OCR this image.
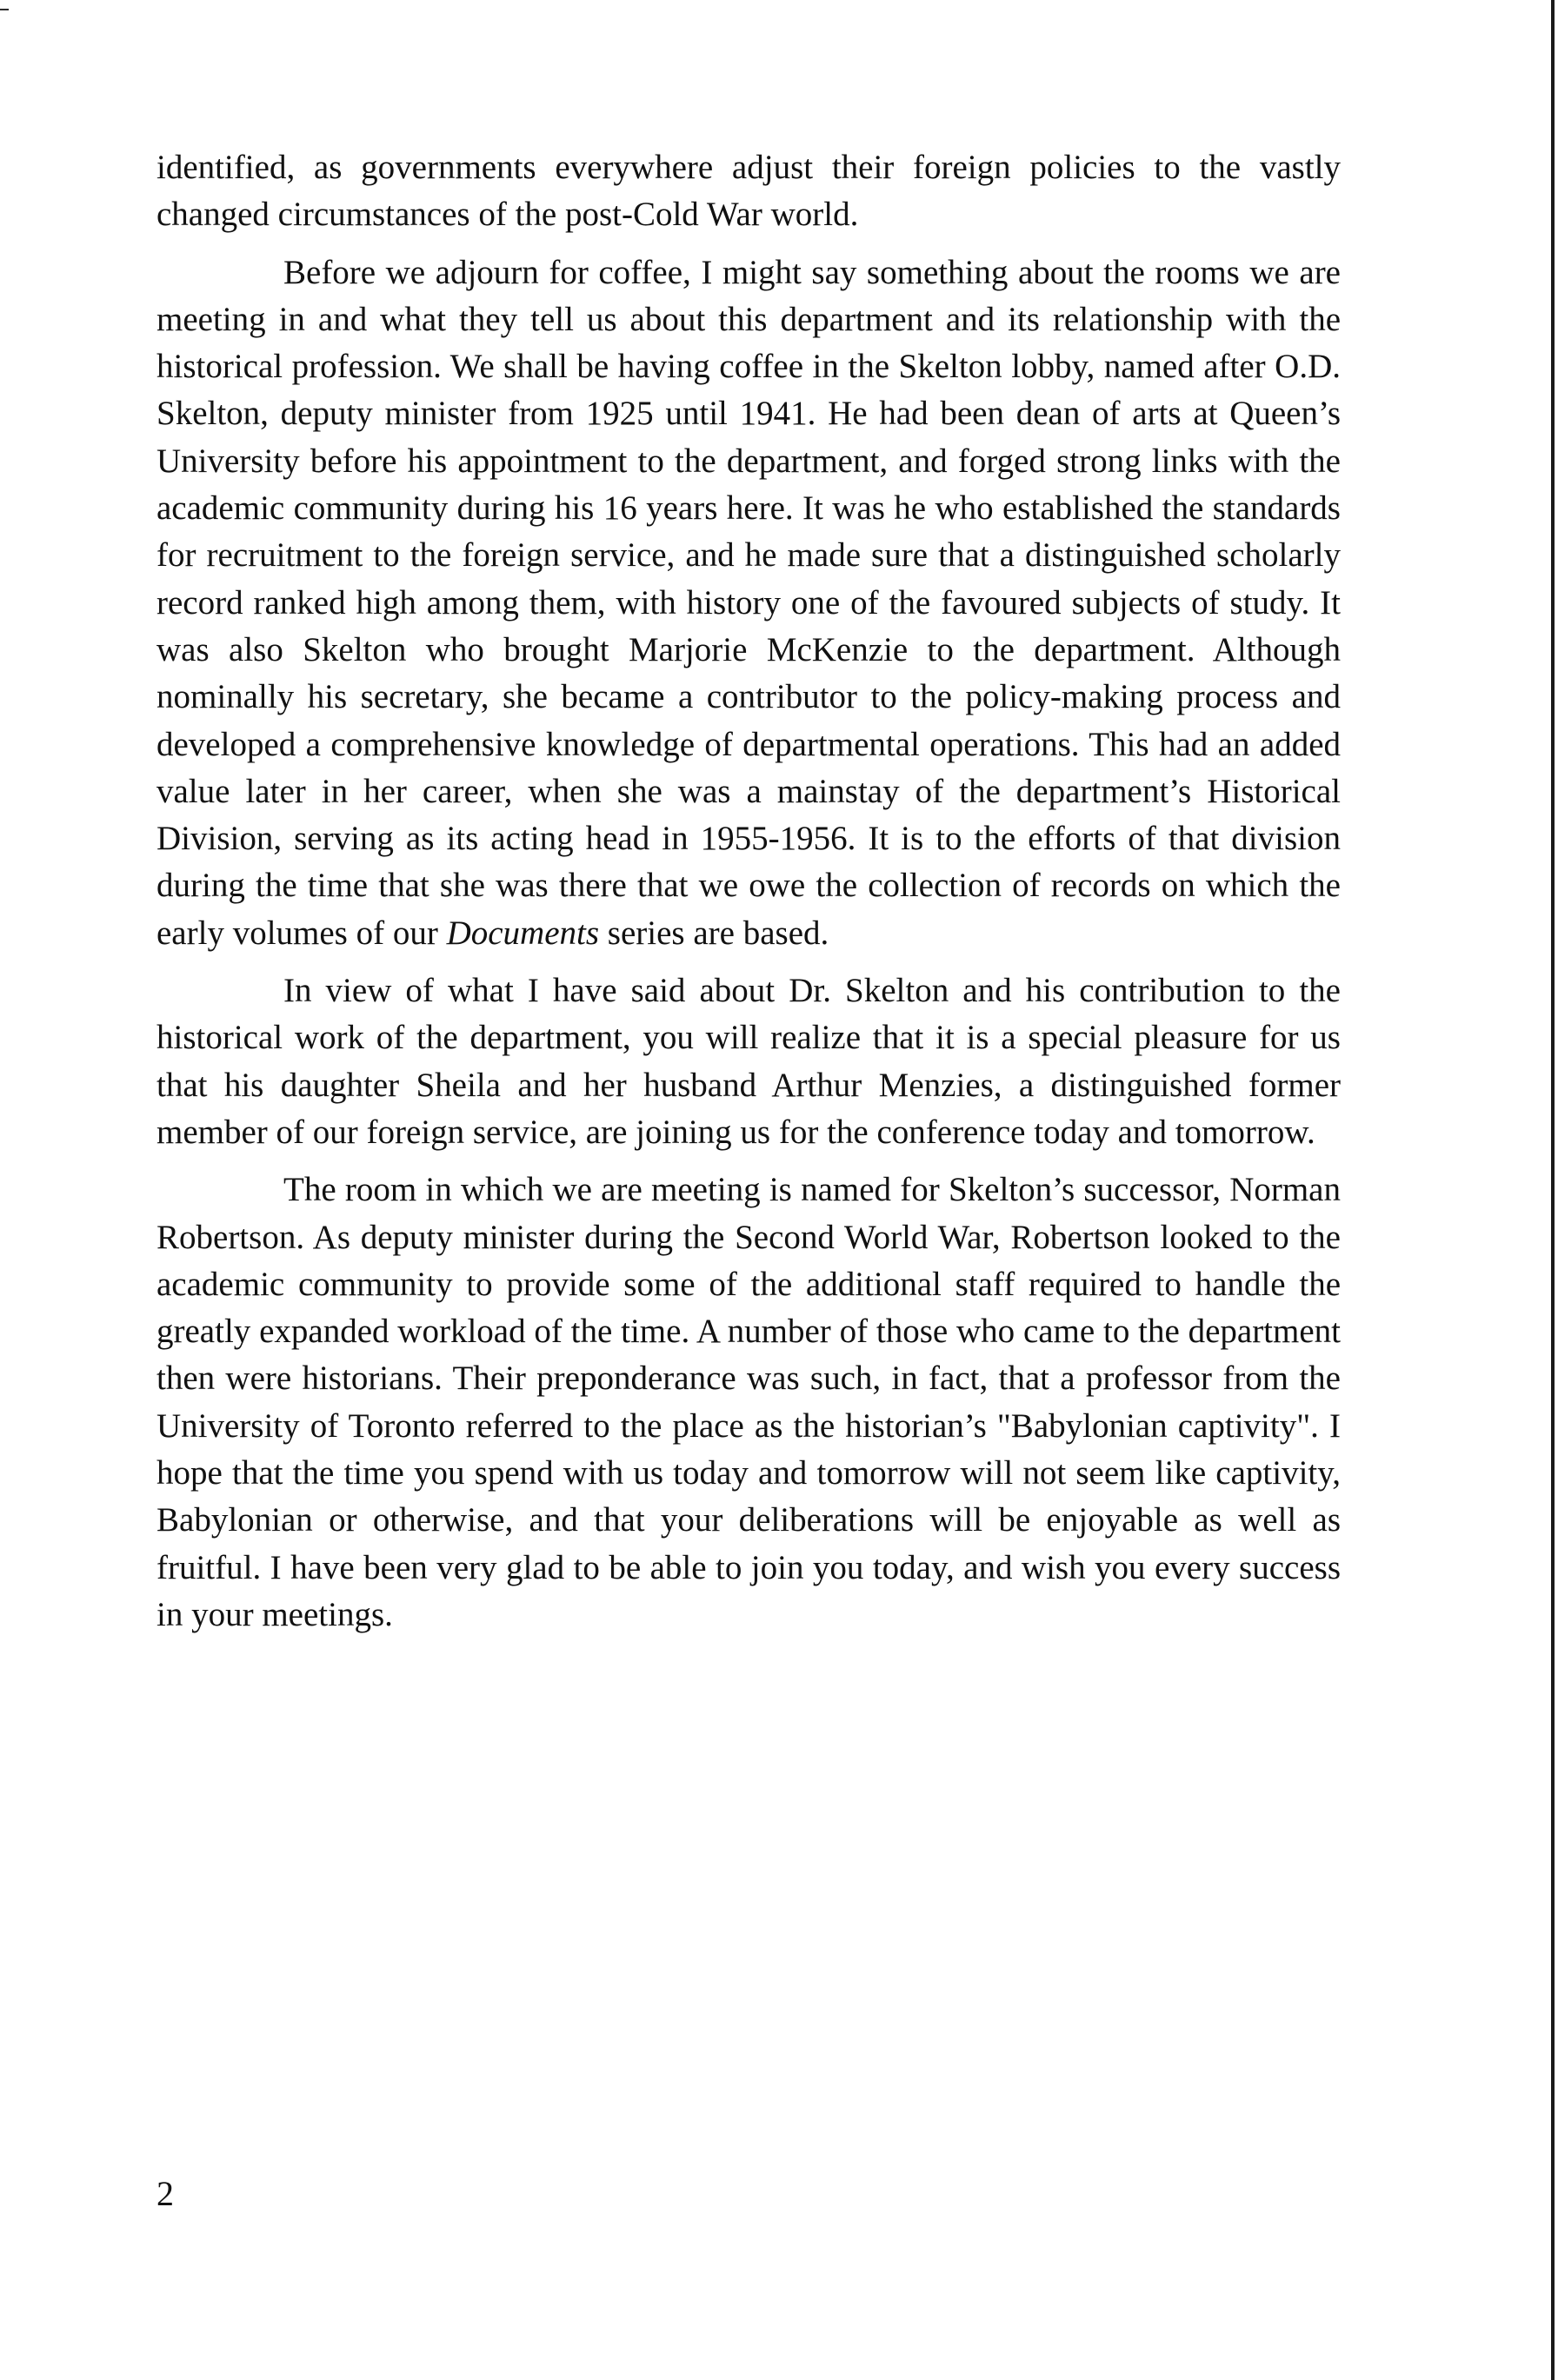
identified, as governments everywhere adjust their foreign policies to the vastly changed circumstances of the post-Cold War world.

Before we adjourn for coffee, I might say something about the rooms we are meeting in and what they tell us about this department and its relationship with the historical profession. We shall be having coffee in the Skelton lobby, named after O.D. Skelton, deputy minister from 1925 until 1941. He had been dean of arts at Queen’s University before his appointment to the department, and forged strong links with the academic community during his 16 years here. It was he who established the standards for recruitment to the foreign service, and he made sure that a distinguished scholarly record ranked high among them, with history one of the favoured subjects of study. It was also Skelton who brought Marjorie McKenzie to the department. Although nominally his secretary, she became a contributor to the policy-making process and developed a comprehensive knowledge of departmental operations. This had an added value later in her career, when she was a mainstay of the department’s Historical Division, serving as its acting head in 1955-1956. It is to the efforts of that division during the time that she was there that we owe the collection of records on which the early volumes of our Documents series are based.

In view of what I have said about Dr. Skelton and his contribution to the historical work of the department, you will realize that it is a special pleasure for us that his daughter Sheila and her husband Arthur Menzies, a distinguished former member of our foreign service, are joining us for the conference today and tomorrow.

The room in which we are meeting is named for Skelton’s successor, Norman Robertson. As deputy minister during the Second World War, Robertson looked to the academic community to provide some of the additional staff required to handle the greatly expanded workload of the time. A number of those who came to the department then were historians. Their preponderance was such, in fact, that a professor from the University of Toronto referred to the place as the historian’s "Babylonian captivity". I hope that the time you spend with us today and tomorrow will not seem like captivity, Babylonian or otherwise, and that your deliberations will be enjoyable as well as fruitful. I have been very glad to be able to join you today, and wish you every success in your meetings.

2
